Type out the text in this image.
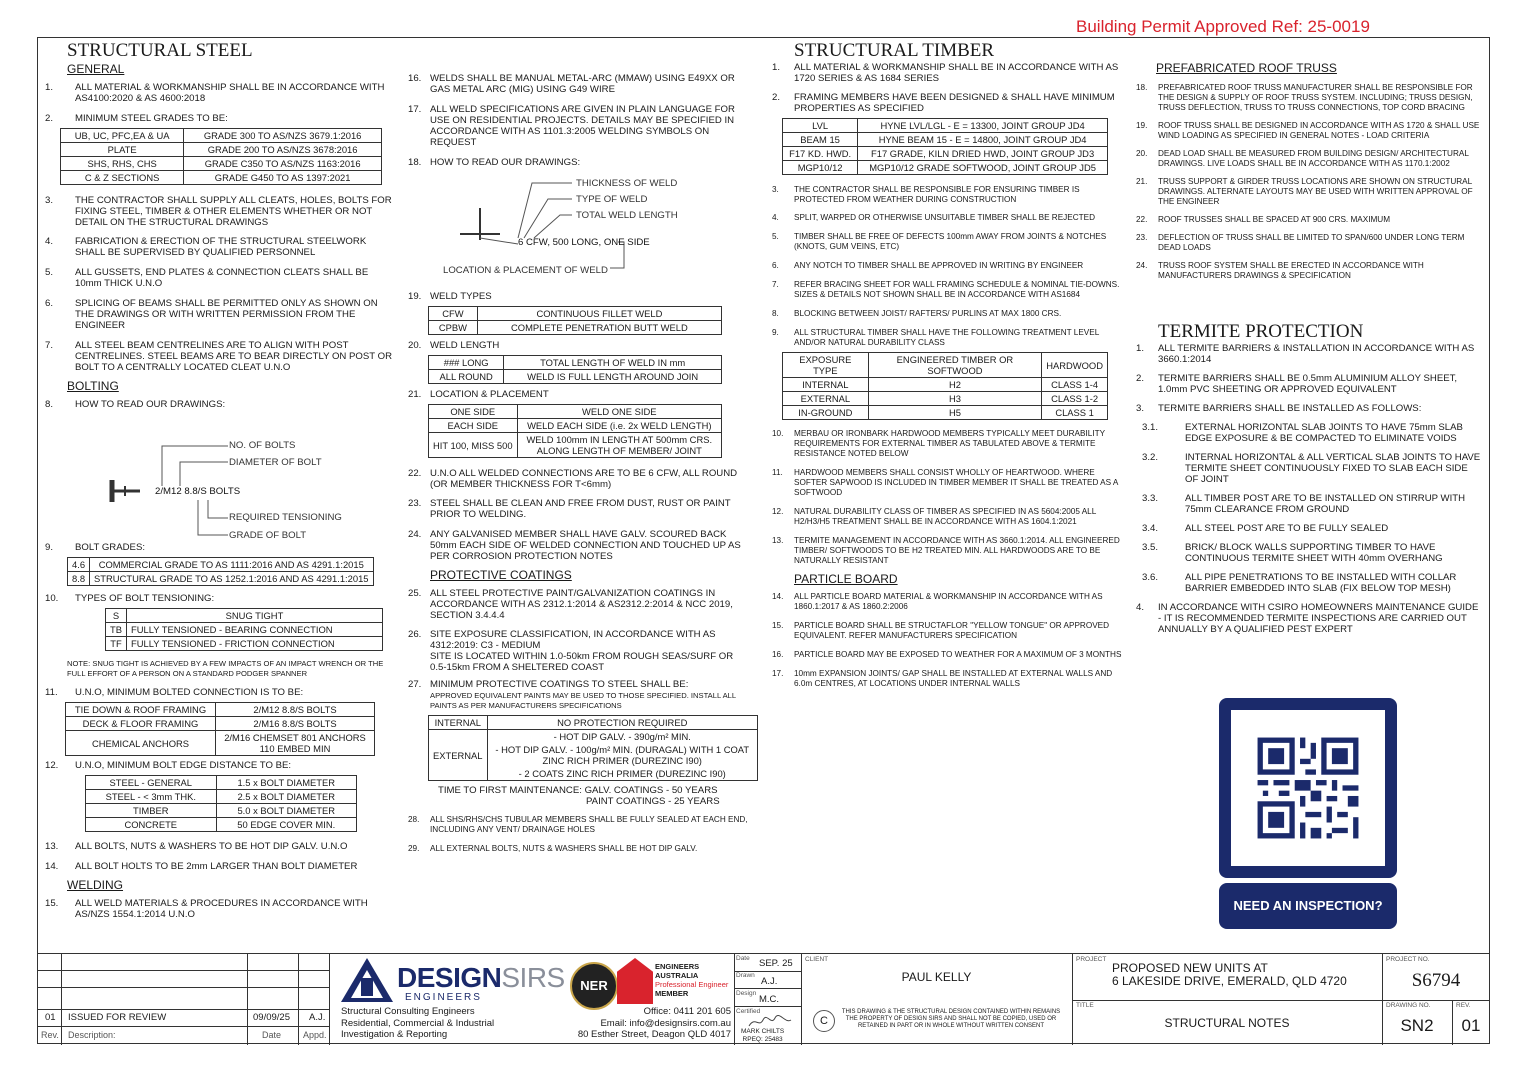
Building Permit Approved Ref: 25-0019
STRUCTURAL STEEL
GENERAL

1. ALL MATERIAL & WORKMANSHIP SHALL BE IN ACCORDANCE WITH AS4100:2020 & AS 4600:2018

2. MINIMUM STEEL GRADES TO BE:

UB, UC, PFC,EA & UA	GRADE 300 TO AS/NZS 3679.1:2016
PLATE	GRADE 200 TO AS/NZS 3678:2016
SHS, RHS, CHS	GRADE C350 TO AS/NZS 1163:2016
C & Z SECTIONS	GRADE G450 TO AS 1397:2021

3. THE CONTRACTOR SHALL SUPPLY ALL CLEATS, HOLES, BOLTS FOR FIXING STEEL, TIMBER & OTHER ELEMENTS WHETHER OR NOT DETAIL ON THE STRUCTURAL DRAWINGS

4. FABRICATION & ERECTION OF THE STRUCTURAL STEELWORK SHALL BE SUPERVISED BY QUALIFIED PERSONNEL

5. ALL GUSSETS, END PLATES & CONNECTION CLEATS SHALL BE 10mm THICK U.N.O

6. SPLICING OF BEAMS SHALL BE PERMITTED ONLY AS SHOWN ON THE DRAWINGS OR WITH WRITTEN PERMISSION FROM THE ENGINEER

7. ALL STEEL BEAM CENTRELINES ARE TO ALIGN WITH POST CENTRELINES. STEEL BEAMS ARE TO BEAR DIRECTLY ON POST OR BOLT TO A CENTRALLY LOCATED CLEAT U.N.O

BOLTING

8. HOW TO READ OUR DRAWINGS:

NO. OF BOLTS
DIAMETER OF BOLT
2/M12 8.8/S BOLTS
REQUIRED TENSIONING
GRADE OF BOLT

9. BOLT GRADES:

4.6	COMMERCIAL GRADE TO AS 1111:2016 AND AS 4291.1:2015
8.8	STRUCTURAL GRADE TO AS 1252.1:2016 AND AS 4291.1:2015

10. TYPES OF BOLT TENSIONING:

S	SNUG TIGHT
TB	FULLY TENSIONED - BEARING CONNECTION
TF	FULLY TENSIONED - FRICTION CONNECTION

NOTE: SNUG TIGHT IS ACHIEVED BY A FEW IMPACTS OF AN IMPACT WRENCH OR THE FULL EFFORT OF A PERSON ON A STANDARD PODGER SPANNER

11. U.N.O, MINIMUM BOLTED CONNECTION IS TO BE:

TIE DOWN & ROOF FRAMING	2/M12 8.8/S BOLTS
DECK & FLOOR FRAMING	2/M16 8.8/S BOLTS
CHEMICAL ANCHORS	2/M16 CHEMSET 801 ANCHORS 110 EMBED MIN

12. U.N.O, MINIMUM BOLT EDGE DISTANCE TO BE:

STEEL - GENERAL	1.5 x BOLT DIAMETER
STEEL - < 3mm THK.	2.5 x BOLT DIAMETER
TIMBER	5.0 x BOLT DIAMETER
CONCRETE	50 EDGE COVER MIN.

13. ALL BOLTS, NUTS & WASHERS TO BE HOT DIP GALV. U.N.O

14. ALL BOLT HOLTS TO BE 2mm LARGER THAN BOLT DIAMETER

WELDING

15. ALL WELD MATERIALS & PROCEDURES IN ACCORDANCE WITH AS/NZS 1554.1:2014 U.N.O

16. WELDS SHALL BE MANUAL METAL-ARC (MMAW) USING E49XX OR GAS METAL ARC (MIG) USING G49 WIRE

17. ALL WELD SPECIFICATIONS ARE GIVEN IN PLAIN LANGUAGE FOR USE ON RESIDENTIAL PROJECTS. DETAILS MAY BE SPECIFIED IN ACCORDANCE WITH AS 1101.3:2005 WELDING SYMBOLS ON REQUEST

18. HOW TO READ OUR DRAWINGS:

THICKNESS OF WELD
TYPE OF WELD
TOTAL WELD LENGTH
6 CFW, 500 LONG, ONE SIDE
LOCATION & PLACEMENT OF WELD

19. WELD TYPES

CFW	CONTINUOUS FILLET WELD
CPBW	COMPLETE PENETRATION BUTT WELD

20. WELD LENGTH

### LONG	TOTAL LENGTH OF WELD IN mm
ALL ROUND	WELD IS FULL LENGTH AROUND JOIN

21. LOCATION & PLACEMENT

ONE SIDE	WELD ONE SIDE
EACH SIDE	WELD EACH SIDE (i.e. 2x WELD LENGTH)
HIT 100, MISS 500	WELD 100mm IN LENGTH AT 500mm CRS. ALONG LENGTH OF MEMBER/ JOINT

22. U.N.O ALL WELDED CONNECTIONS ARE TO BE 6 CFW, ALL ROUND (OR MEMBER THICKNESS FOR T<6mm)

23. STEEL SHALL BE CLEAN AND FREE FROM DUST, RUST OR PAINT PRIOR TO WELDING.

24. ANY GALVANISED MEMBER SHALL HAVE GALV. SCOURED BACK 50mm EACH SIDE OF WELDED CONNECTION AND TOUCHED UP AS PER CORROSION PROTECTION NOTES

PROTECTIVE COATINGS

25. ALL STEEL PROTECTIVE PAINT/GALVANIZATION COATINGS IN ACCORDANCE WITH AS 2312.1:2014 & AS2312.2:2014 & NCC 2019, SECTION 3.4.4.4

26. SITE EXPOSURE CLASSIFICATION, IN ACCORDANCE WITH AS 4312:2019: C3 - MEDIUM

SITE IS LOCATED WITHIN 1.0-50km FROM ROUGH SEAS/SURF OR 0.5-15km FROM A SHELTERED COAST

27. MINIMUM PROTECTIVE COATINGS TO STEEL SHALL BE:

APPROVED EQUIVALENT PAINTS MAY BE USED TO THOSE SPECIFIED. INSTALL ALL PAINTS AS PER MANUFACTURERS SPECIFICATIONS

INTERNAL	NO PROTECTION REQUIRED
EXTERNAL	- HOT DIP GALV. - 390g/m² MIN.
	- HOT DIP GALV. - 100g/m² MIN. (DURAGAL) WITH 1 COAT ZINC RICH PRIMER (DUREZINC I90)
	- 2 COATS ZINC RICH PRIMER (DUREZINC I90)

TIME TO FIRST MAINTENANCE: GALV. COATINGS - 50 YEARS

PAINT COATINGS - 25 YEARS

28. ALL SHS/RHS/CHS TUBULAR MEMBERS SHALL BE FULLY SEALED AT EACH END, INCLUDING ANY VENT/ DRAINAGE HOLES

29. ALL EXTERNAL BOLTS, NUTS & WASHERS SHALL BE HOT DIP GALV.

STRUCTURAL TIMBER

1. ALL MATERIAL & WORKMANSHIP SHALL BE IN ACCORDANCE WITH AS 1720 SERIES & AS 1684 SERIES

2. FRAMING MEMBERS HAVE BEEN DESIGNED & SHALL HAVE MINIMUM PROPERTIES AS SPECIFIED

LVL	HYNE LVL/LGL - E = 13300, JOINT GROUP JD4
BEAM 15	HYNE BEAM 15 - E = 14800, JOINT GROUP JD4
F17 KD. HWD.	F17 GRADE, KILN DRIED HWD, JOINT GROUP JD3
MGP10/12	MGP10/12 GRADE SOFTWOOD, JOINT GROUP JD5

3. THE CONTRACTOR SHALL BE RESPONSIBLE FOR ENSURING TIMBER IS PROTECTED FROM WEATHER DURING CONSTRUCTION

4. SPLIT, WARPED OR OTHERWISE UNSUITABLE TIMBER SHALL BE REJECTED

5. TIMBER SHALL BE FREE OF DEFECTS 100mm AWAY FROM JOINTS & NOTCHES (KNOTS, GUM VEINS, ETC)

6. ANY NOTCH TO TIMBER SHALL BE APPROVED IN WRITING BY ENGINEER

7. REFER BRACING SHEET FOR WALL FRAMING SCHEDULE & NOMINAL TIE-DOWNS. SIZES & DETAILS NOT SHOWN SHALL BE IN ACCORDANCE WITH AS1684

8. BLOCKING BETWEEN JOIST/ RAFTERS/ PURLINS AT MAX 1800 CRS.

9. ALL STRUCTURAL TIMBER SHALL HAVE THE FOLLOWING TREATMENT LEVEL AND/OR NATURAL DURABILITY CLASS

EXPOSURE TYPE	ENGINEERED TIMBER OR SOFTWOOD	HARDWOOD
INTERNAL	H2	CLASS 1-4
EXTERNAL	H3	CLASS 1-2
IN-GROUND	H5	CLASS 1

10. MERBAU OR IRONBARK HARDWOOD MEMBERS TYPICALLY MEET DURABILITY REQUIREMENTS FOR EXTERNAL TIMBER AS TABULATED ABOVE & TERMITE RESISTANCE NOTED BELOW

11. HARDWOOD MEMBERS SHALL CONSIST WHOLLY OF HEARTWOOD. WHERE SOFTER SAPWOOD IS INCLUDED IN TIMBER MEMBER IT SHALL BE TREATED AS A SOFTWOOD

12. NATURAL DURABILITY CLASS OF TIMBER AS SPECIFIED IN AS 5604:2005 ALL H2/H3/H5 TREATMENT SHALL BE IN ACCORDANCE WITH AS 1604.1:2021

13. TERMITE MANAGEMENT IN ACCORDANCE WITH AS 3660.1:2014. ALL ENGINEERED TIMBER/ SOFTWOODS TO BE H2 TREATED MIN. ALL HARDWOODS ARE TO BE NATURALLY RESISTANT

PARTICLE BOARD

14. ALL PARTICLE BOARD MATERIAL & WORKMANSHIP IN ACCORDANCE WITH AS 1860.1:2017 & AS 1860.2:2006

15. PARTICLE BOARD SHALL BE STRUCTAFLOR "YELLOW TONGUE" OR APPROVED EQUIVALENT. REFER MANUFACTURERS SPECIFICATION

16. PARTICLE BOARD MAY BE EXPOSED TO WEATHER FOR A MAXIMUM OF 3 MONTHS

17. 10mm EXPANSION JOINTS/ GAP SHALL BE INSTALLED AT EXTERNAL WALLS AND 6.0m CENTRES, AT LOCATIONS UNDER INTERNAL WALLS

PREFABRICATED ROOF TRUSS

18. PREFABRICATED ROOF TRUSS MANUFACTURER SHALL BE RESPONSIBLE FOR THE DESIGN & SUPPLY OF ROOF TRUSS SYSTEM. INCLUDING; TRUSS DESIGN, TRUSS DEFLECTION, TRUSS TO TRUSS CONNECTIONS, TOP CORD BRACING

19. ROOF TRUSS SHALL BE DESIGNED IN ACCORDANCE WITH AS 1720 & SHALL USE WIND LOADING AS SPECIFIED IN GENERAL NOTES - LOAD CRITERIA

20. DEAD LOAD SHALL BE MEASURED FROM BUILDING DESIGN/ ARCHITECTURAL DRAWINGS. LIVE LOADS SHALL BE IN ACCORDANCE WITH AS 1170.1:2002

21. TRUSS SUPPORT & GIRDER TRUSS LOCATIONS ARE SHOWN ON STRUCTURAL DRAWINGS. ALTERNATE LAYOUTS MAY BE USED WITH WRITTEN APPROVAL OF THE ENGINEER

22. ROOF TRUSSES SHALL BE SPACED AT 900 CRS. MAXIMUM

23. DEFLECTION OF TRUSS SHALL BE LIMITED TO SPAN/600 UNDER LONG TERM DEAD LOADS

24. TRUSS ROOF SYSTEM SHALL BE ERECTED IN ACCORDANCE WITH MANUFACTURERS DRAWINGS & SPECIFICATION

TERMITE PROTECTION

1. ALL TERMITE BARRIERS & INSTALLATION IN ACCORDANCE WITH AS 3660.1:2014

2. TERMITE BARRIERS SHALL BE 0.5mm ALUMINIUM ALLOY SHEET, 1.0mm PVC SHEETING OR APPROVED EQUIVALENT

3. TERMITE BARRIERS SHALL BE INSTALLED AS FOLLOWS:

3.1.	EXTERNAL HORIZONTAL SLAB JOINTS TO HAVE 75mm SLAB EDGE EXPOSURE & BE COMPACTED TO ELIMINATE VOIDS

3.2.	INTERNAL HORIZONTAL & ALL VERTICAL SLAB JOINTS TO HAVE TERMITE SHEET CONTINUOUSLY FIXED TO SLAB EACH SIDE OF JOINT

3.3.	ALL TIMBER POST ARE TO BE INSTALLED ON STIRRUP WITH 75mm CLEARANCE FROM GROUND

3.4.	ALL STEEL POST ARE TO BE FULLY SEALED

3.5.	BRICK/ BLOCK WALLS SUPPORTING TIMBER TO HAVE CONTINUOUS TERMITE SHEET WITH 40mm OVERHANG

3.6.	ALL PIPE PENETRATIONS TO BE INSTALLED WITH COLLAR BARRIER EMBEDDED INTO SLAB (FIX BELOW TOP MESH)

4. IN ACCORDANCE WITH CSIRO HOMEOWNERS MAINTENANCE GUIDE - IT IS RECOMMENDED TERMITE INSPECTIONS ARE CARRIED OUT ANNUALLY BY A QUALIFIED PEST EXPERT

NEED AN INSPECTION?
01 ISSUED FOR REVIEW	09/09/25 A.J.
Rev. Description:	Date Appd.
DESIGNSIRS
ENGINEERS
Structural Consulting Engineers
Residential, Commercial & Industrial
Investigation & Reporting
NER
ENGINEERS
AUSTRALIA
Professional Engineer
MEMBER
Office: 0411 201 605
Email: info@designsirs.com.au
80 Esther Street, Deagon QLD 4017
Date SEP. 25
Drawn
A.J.
Design
M.C.
Certified
MARK CHILTS
RPEQ: 25483
CLIENT
PAUL KELLY
C
THIS DRAWING & THE STRUCTURAL DESIGN CONTAINED WITHIN REMAINS THE PROPERTY OF DESIGN SIRS AND SHALL NOT BE COPIED, USED OR RETAINED IN PART OR IN WHOLE WITHOUT WRITTEN CONSENT
PROJECT
PROPOSED NEW UNITS AT
6 LAKESIDE DRIVE, EMERALD, QLD 4720
TITLE
STRUCTURAL NOTES
PROJECT NO.
S6794
DRAWING NO.
SN2
REV.
01
